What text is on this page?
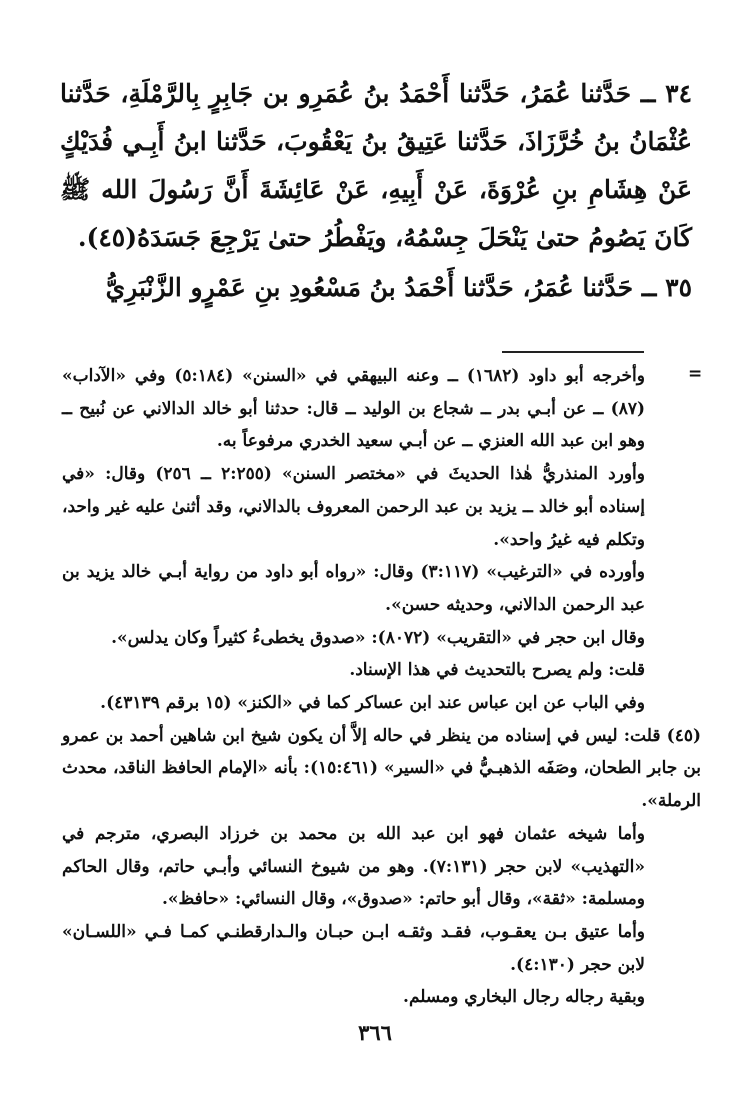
٣٤ ــ حَدَّثنا عُمَرُ، حَدَّثنا أَحْمَدُ بنُ عُمَرِو بن جَابِرٍ بِالرَّمْلَةِ، حَدَّثنا عُثْمَانُ بنُ خُرَّزَاذَ، حَدَّثنا عَتِيقُ بنُ يَعْقُوبَ، حَدَّثنا ابنُ أَبِـي فُدَيْكٍ عَنْ هِشَامِ بنِ عُرْوَةَ، عَنْ أَبِيهِ، عَنْ عَائِشَةَ أَنَّ رَسُولَ الله ﷺ كَانَ يَصُومُ حتىٰ يَنْحَلَ جِسْمُهُ، ويَفْطُرُ حتىٰ يَرْجِعَ جَسَدَهُ(٤٥).

٣٥ ــ حَدَّثنا عُمَرُ، حَدَّثنا أَحْمَدُ بنُ مَسْعُودِ بنِ عَمْرٍو الزَّنْبَرِيُّ

=

وأخرجه أبو داود (١٦٨٢) ــ وعنه البيهقي في «السنن» (٥:١٨٤) وفي «الآداب» (٨٧) ــ عن أبـي بدر ــ شجاع بن الوليد ــ قال: حدثنا أبو خالد الدالاني عن نُبيح ــ وهو ابن عبد الله العنزي ــ عن أبـي سعيد الخدري مرفوعاً به.

وأورد المنذريُّ هٰذا الحديثَ في «مختصر السنن» (٢:٢٥٥ ــ ٢٥٦) وقال: «في إسناده أبو خالد ــ يزيد بن عبد الرحمن المعروف بالدالاني، وقد أثنىٰ عليه غير واحد، وتكلم فيه غيرُ واحد».

وأورده في «الترغيب» (٣:١١٧) وقال: «رواه أبو داود من رواية أبـي خالد يزيد بن عبد الرحمن الدالاني، وحديثه حسن».

وقال ابن حجر في «التقريب» (٨٠٧٢): «صدوق يخطىءُ كثيراً وكان يدلس».

قلت: ولم يصرح بالتحديث في هذا الإسناد.

وفي الباب عن ابن عباس عند ابن عساكر كما في «الكنز» (١٥ برقم ٤٣١٣٩).

(٤٥) قلت: ليس في إسناده من ينظر في حاله إلاَّ أن يكون شيخ ابن شاهين أحمد بن عمرو بن جابر الطحان، وصَفَه الذهبـيُّ في «السير» (١٥:٤٦١): بأنه «الإمام الحافظ الناقد، محدث الرملة».

وأما شيخه عثمان فهو ابن عبد الله بن محمد بن خرزاد البصري، مترجم في «التهذيب» لابن حجر (٧:١٣١). وهو من شيوخ النسائي وأبـي حاتم، وقال الحاكم ومسلمة: «ثقة»، وقال أبو حاتم: «صدوق»، وقال النسائي: «حافظ».

وأما عتيق بـن يعقـوب، فقـد وثقـه ابـن حبـان والـدارقطنـي كمـا فـي «اللسـان» لابن حجر (٤:١٣٠).

وبقية رجاله رجال البخاري ومسلم.

٣٦٦
